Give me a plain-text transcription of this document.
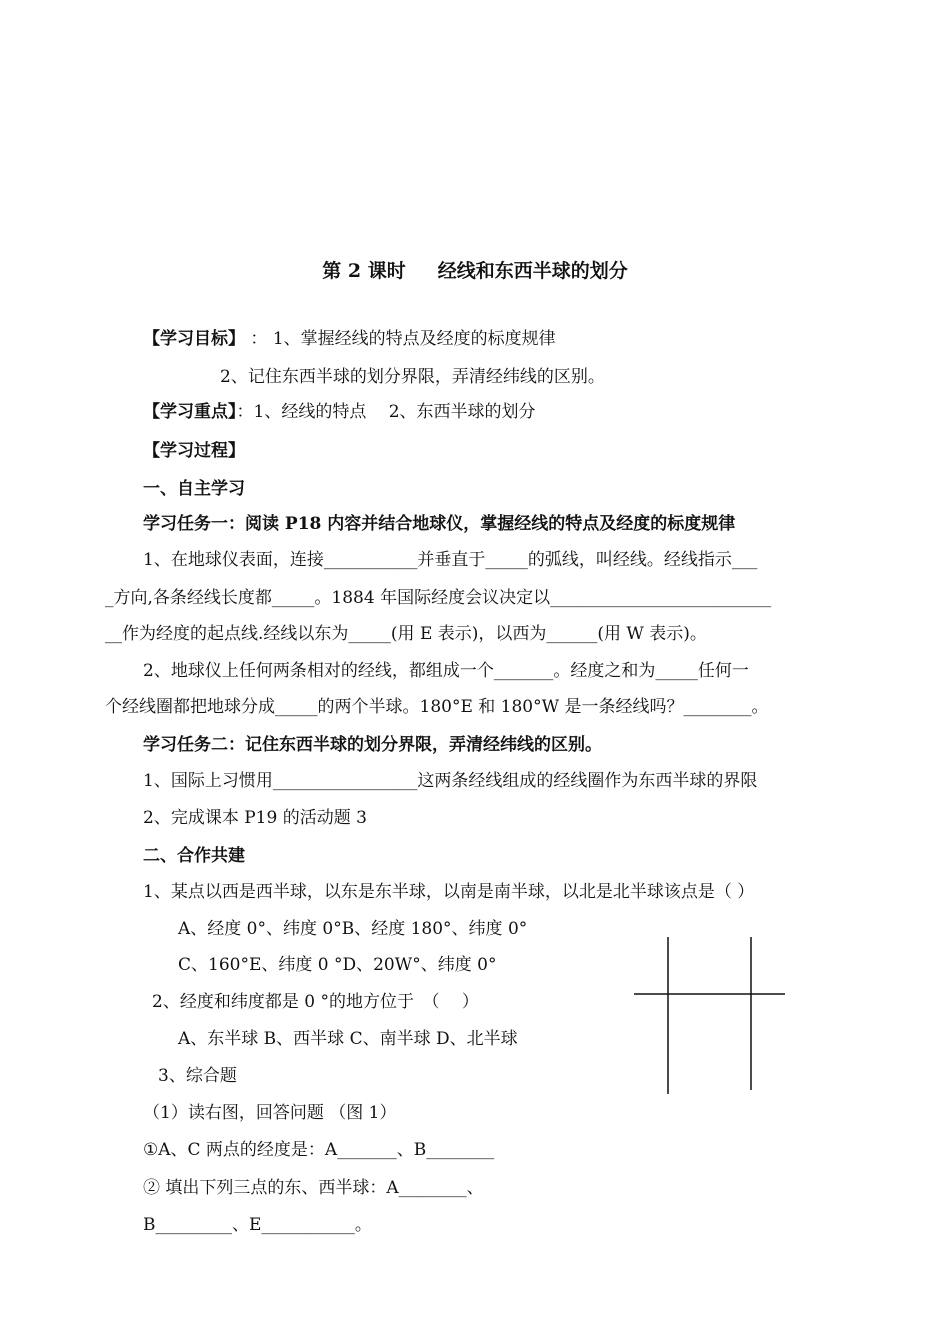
第 2 课时 经线和东西半球的划分
【学习目标】 ： 1、掌握经线的特点及经度的标度规律
2、记住东西半球的划分界限，弄清经纬线的区别。
【学习重点】：1、经线的特点　 2、东西半球的划分
【学习过程】
一、自主学习
学习任务一：阅读 P18 内容并结合地球仪，掌握经线的特点及经度的标度规律
1、在地球仪表面，连接___________并垂直于_____的弧线，叫经线。经线指示___
_方向,各条经线长度都_____。1884 年国际经度会议决定以__________________________
__作为经度的起点线.经线以东为_____(用 E 表示)，以西为______(用 W 表示)。
2、地球仪上任何两条相对的经线，都组成一个_______。经度之和为_____任何一
个经线圈都把地球分成_____的两个半球。180°E 和 180°W 是一条经线吗？________。
学习任务二：记住东西半球的划分界限，弄清经纬线的区别。
1、国际上习惯用_________________这两条经线组成的经线圈作为东西半球的界限
2、完成课本 P19 的活动题 3
二、合作共建
1、某点以西是西半球，以东是东半球，以南是南半球，以北是北半球该点是（ ）
A、经度 0°、纬度 0°B、经度 180°、纬度 0°
C、160°E、纬度 0 °D、20W°、纬度 0°
2、经度和纬度都是 0 °的地方位于　（　 ）
A、东半球 B、西半球 C、南半球 D、北半球
3、综合题
（1）读右图，回答问题 （图 1）
①A、C 两点的经度是：A_______、B________
② 填出下列三点的东、西半球：A________、
B_________、E___________。
